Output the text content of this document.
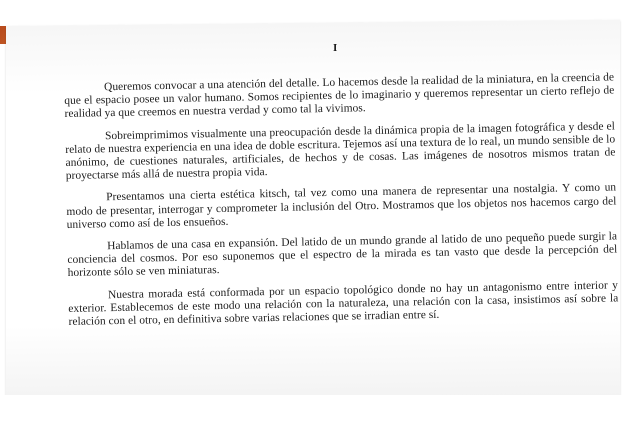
I

Queremos convocar a una atención del detalle. Lo hacemos desde la realidad de la miniatura, en la creencia de que el espacio posee un valor humano. Somos recipientes de lo imaginario y queremos representar un cierto reflejo de realidad ya que creemos en nuestra verdad y como tal la vivimos.

Sobreimprimimos visualmente una preocupación desde la dinámica propia de la imagen fotográfica y desde el relato de nuestra experiencia en una idea de doble escritura. Tejemos así una textura de lo real, un mundo sensible de lo anónimo, de cuestiones naturales, artificiales, de hechos y de cosas. Las imágenes de nosotros mismos tratan de proyectarse más allá de nuestra propia vida.

Presentamos una cierta estética kitsch, tal vez como una manera de representar una nostalgia. Y como un modo de presentar, interrogar y comprometer la inclusión del Otro. Mostramos que los objetos nos hacemos cargo del universo como así de los ensueños.

Hablamos de una casa en expansión. Del latido de un mundo grande al latido de uno pequeño puede surgir la conciencia del cosmos. Por eso suponemos que el espectro de la mirada es tan vasto que desde la percepción del horizonte sólo se ven miniaturas.

Nuestra morada está conformada por un espacio topológico donde no hay un antagonismo entre interior y exterior. Establecemos de este modo una relación con la naturaleza, una relación con la casa, insistimos así sobre la relación con el otro, en definitiva sobre varias relaciones que se irradian entre sí.
